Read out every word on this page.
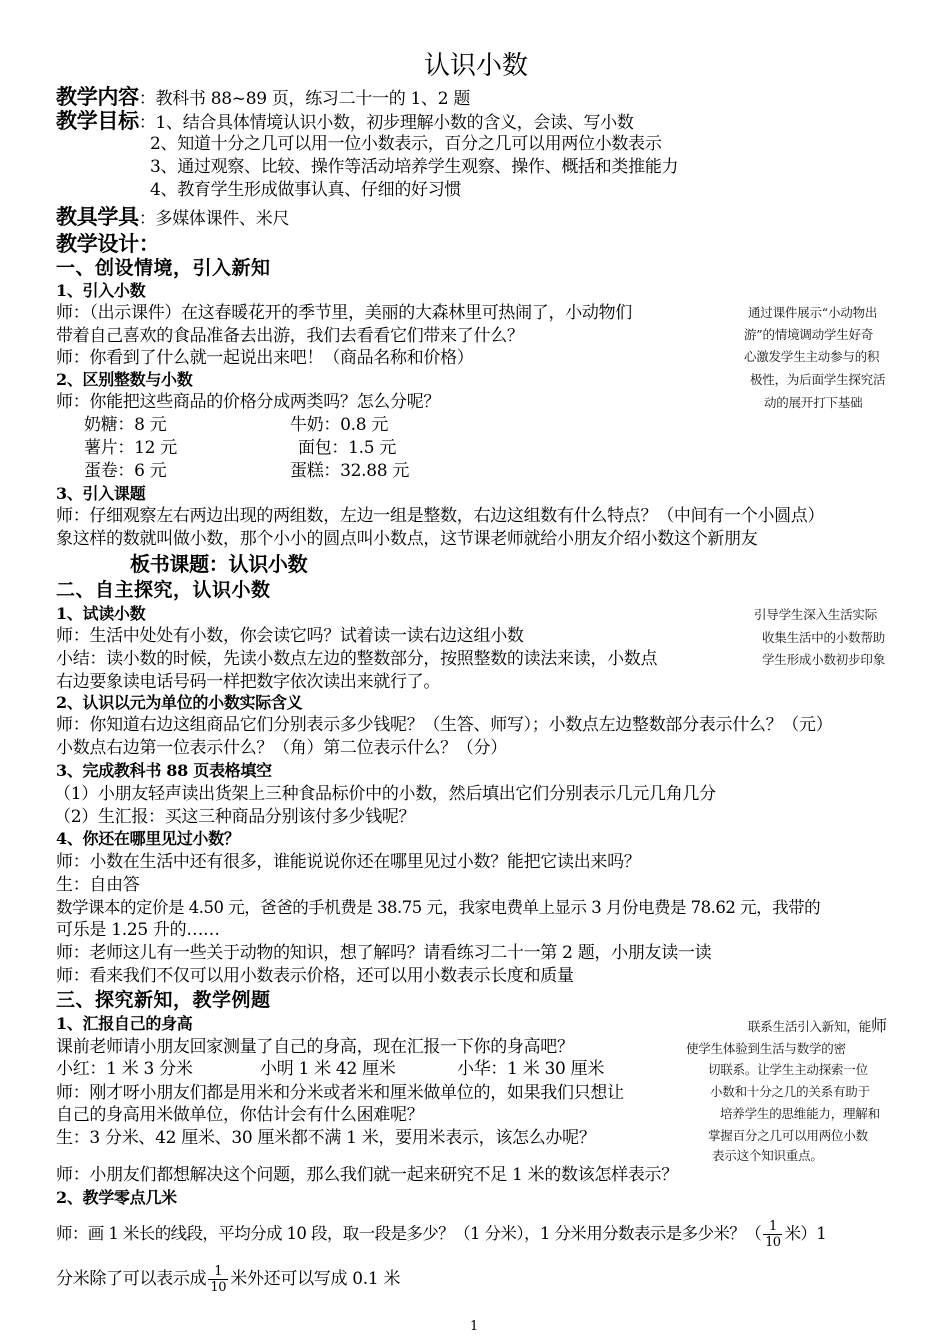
认识小数
教学内容：教科书 88~89 页，练习二十一的 1、2 题
教学目标：1、结合具体情境认识小数，初步理解小数的含义，会读、写小数
2、知道十分之几可以用一位小数表示，百分之几可以用两位小数表示
3、通过观察、比较、操作等活动培养学生观察、操作、概括和类推能力
4、教育学生形成做事认真、仔细的好习惯
教具学具：多媒体课件、米尺
教学设计：
一、创设情境，引入新知
1、引入小数
师：（出示课件）在这春暖花开的季节里，美丽的大森林里可热闹了，小动物们
带着自己喜欢的食品准备去出游，我们去看看它们带来了什么？
师：你看到了什么就一起说出来吧！（商品名称和价格）
2、区别整数与小数
师：你能把这些商品的价格分成两类吗？怎么分呢？
奶糖：8 元
薯片：12 元
蛋卷：6 元
牛奶：0.8 元
面包：1.5 元
蛋糕：32.88 元
3、引入课题
师：仔细观察左右两边出现的两组数，左边一组是整数，右边这组数有什么特点？（中间有一个小圆点）
象这样的数就叫做小数，那个小小的圆点叫小数点，这节课老师就给小朋友介绍小数这个新朋友
板书课题：认识小数
通过课件展示“小动物出
游”的情境调动学生好奇
心激发学生主动参与的积
极性，为后面学生探究活
动的展开打下基础
二、自主探究，认识小数
1、试读小数
师：生活中处处有小数，你会读它吗？试着读一读右边这组小数
小结：读小数的时候，先读小数点左边的整数部分，按照整数的读法来读，小数点
右边要象读电话号码一样把数字依次读出来就行了。
引导学生深入生活实际
收集生活中的小数帮助
学生形成小数初步印象
2、认识以元为单位的小数实际含义
师：你知道右边这组商品它们分别表示多少钱呢？（生答、师写）；小数点左边整数部分表示什么？（元）
小数点右边第一位表示什么？（角）第二位表示什么？（分）
3、完成教科书 88 页表格填空
（1）小朋友轻声读出货架上三种食品标价中的小数，然后填出它们分别表示几元几角几分
（2）生汇报：买这三种商品分别该付多少钱呢？
4、你还在哪里见过小数？
师：小数在生活中还有很多，谁能说说你还在哪里见过小数？能把它读出来吗？
生：自由答
数学课本的定价是 4.50 元，爸爸的手机费是 38.75 元，我家电费单上显示 3 月份电费是 78.62 元，我带的
可乐是 1.25 升的……
师：老师这儿有一些关于动物的知识，想了解吗？请看练习二十一第 2 题，小朋友读一读
师：看来我们不仅可以用小数表示价格，还可以用小数表示长度和质量
三、探究新知，教学例题
1、汇报自己的身高
课前老师请小朋友回家测量了自己的身高，现在汇报一下你的身高吧？
小红：1 米 3 分米	小明 1 米 42 厘米	小华：1 米 30 厘米
师：刚才呀小朋友们都是用米和分米或者米和厘米做单位的，如果我们只想让
自己的身高用米做单位，你估计会有什么困难呢？
生：3 分米、42 厘米、30 厘米都不满 1 米，要用米表示，该怎么办呢？
师：小朋友们都想解决这个问题，那么我们就一起来研究不足 1 米的数该怎样表示？
联系生活引入新知，能师
使学生体验到生活与数学的密
切联系。让学生主动探索一位
小数和十分之几的关系有助于
培养学生的思维能力，理解和
掌握百分之几可以用两位小数
表示这个知识重点。
2、教学零点几米
师：画 1 米长的线段，平均分成 10 段，取一段是多少？（1 分米），1 分米用分数表示是多少米？（ $\frac{1}{10}$ 米）1
分米除了可以表示成 $\frac{1}{10}$ 米外还可以写成 0.1 米
1
